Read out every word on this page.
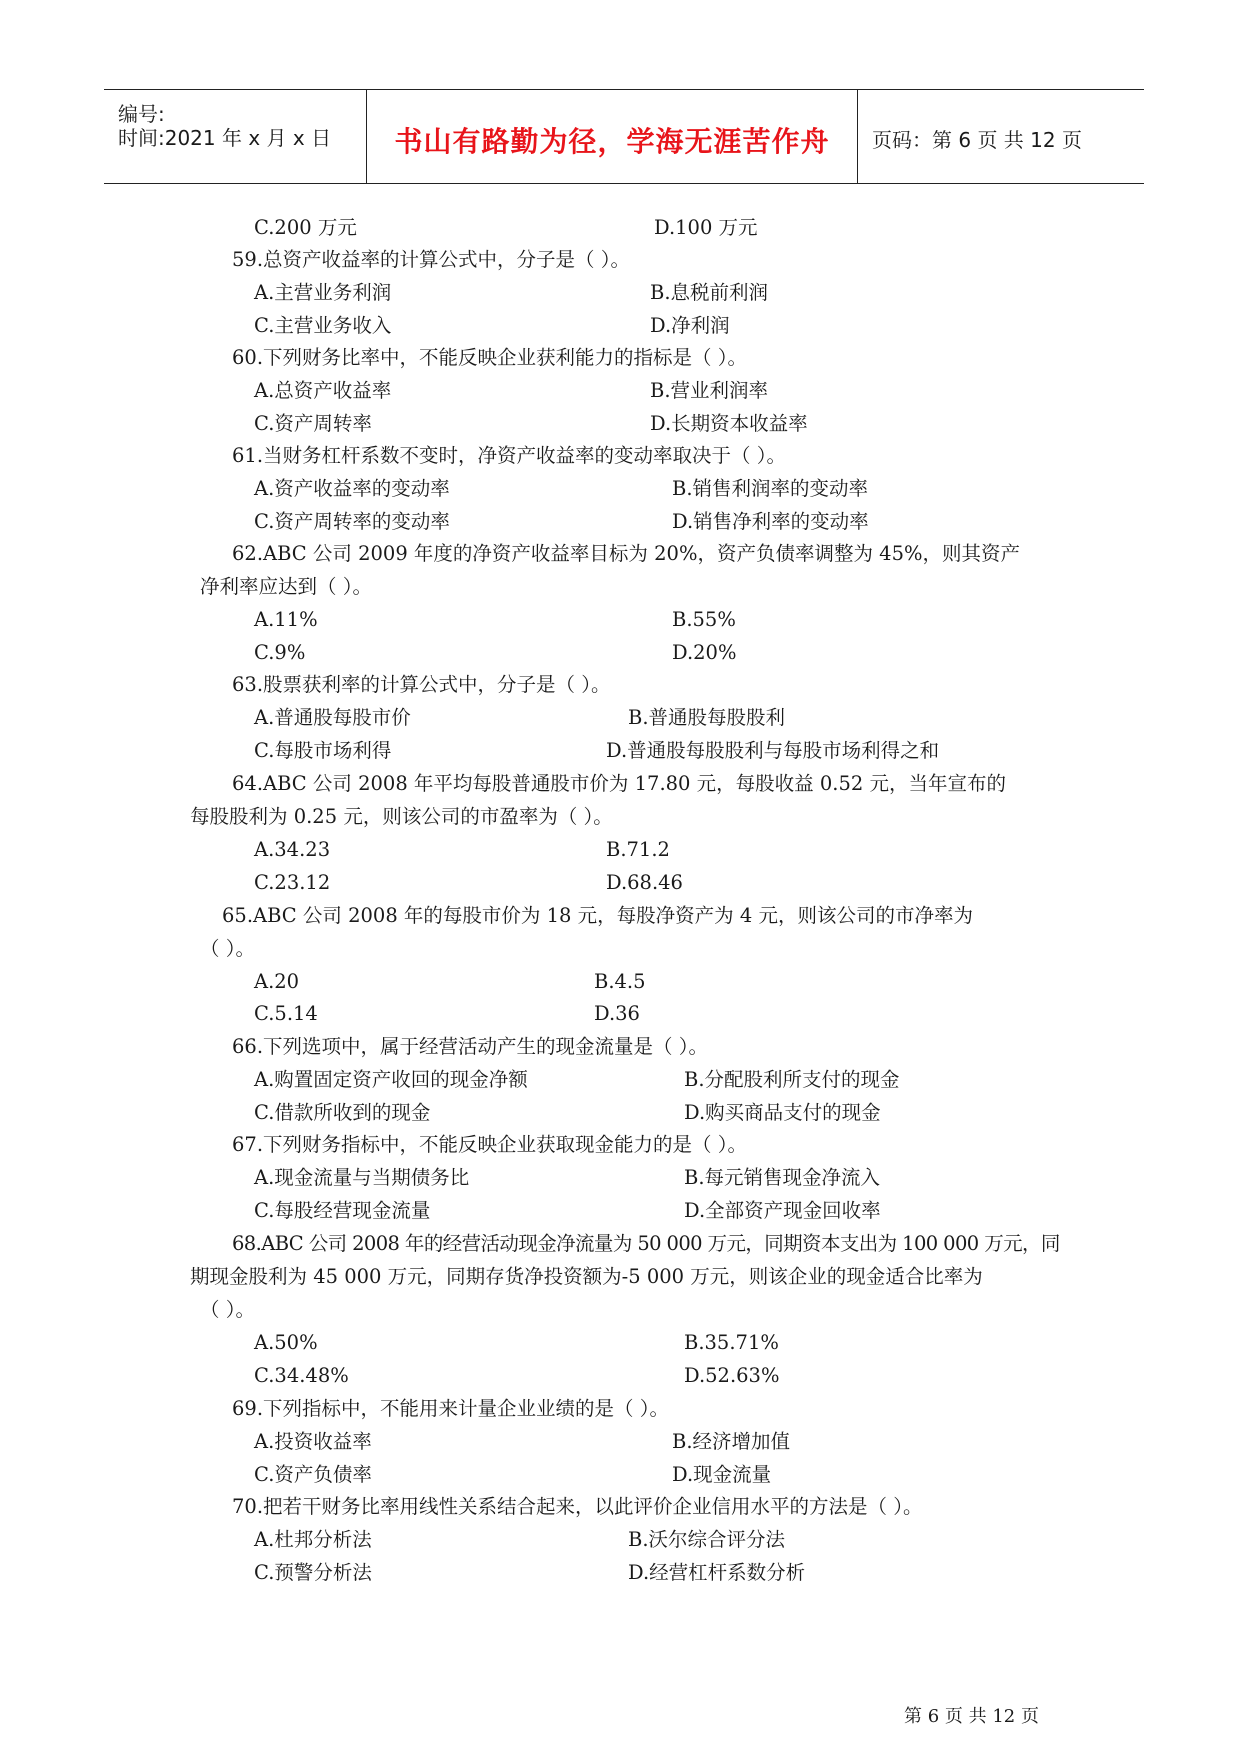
编号:
时间:2021 年 x 月 x 日	书山有路勤为径，学海无涯苦作舟	页码：第 6 页 共 12 页
C.200 万元	D.100 万元
59.总资产收益率的计算公式中，分子是（ ）。
A.主营业务利润	B.息税前利润
C.主营业务收入	D.净利润
60.下列财务比率中，不能反映企业获利能力的指标是（ ）。
A.总资产收益率	B.营业利润率
C.资产周转率	D.长期资本收益率
61.当财务杠杆系数不变时，净资产收益率的变动率取决于（ ）。
A.资产收益率的变动率	B.销售利润率的变动率
C.资产周转率的变动率	D.销售净利率的变动率
62.ABC 公司 2009 年度的净资产收益率目标为 20%，资产负债率调整为 45%，则其资产
净利率应达到（ ）。
A.11%	B.55%
C.9%	D.20%
63.股票获利率的计算公式中，分子是（ ）。
A.普通股每股市价	B.普通股每股股利
C.每股市场利得	D.普通股每股股利与每股市场利得之和
64.ABC 公司 2008 年平均每股普通股市价为 17.80 元，每股收益 0.52 元，当年宣布的
每股股利为 0.25 元，则该公司的市盈率为（ ）。
A.34.23	B.71.2
C.23.12	D.68.46
65.ABC 公司 2008 年的每股市价为 18 元，每股净资产为 4 元，则该公司的市净率为
（ ）。
A.20	B.4.5
C.5.14	D.36
66.下列选项中，属于经营活动产生的现金流量是（ ）。
A.购置固定资产收回的现金净额	B.分配股利所支付的现金
C.借款所收到的现金	D.购买商品支付的现金
67.下列财务指标中，不能反映企业获取现金能力的是（ ）。
A.现金流量与当期债务比	B.每元销售现金净流入
C.每股经营现金流量	D.全部资产现金回收率
68.ABC 公司 2008 年的经营活动现金净流量为 50 000 万元，同期资本支出为 100 000 万元，同
期现金股利为 45 000 万元，同期存货净投资额为-5 000 万元，则该企业的现金适合比率为
（ ）。
A.50%	B.35.71%
C.34.48%	D.52.63%
69.下列指标中，不能用来计量企业业绩的是（ ）。
A.投资收益率	B.经济增加值
C.资产负债率	D.现金流量
70.把若干财务比率用线性关系结合起来，以此评价企业信用水平的方法是（ ）。
A.杜邦分析法	B.沃尔综合评分法
C.预警分析法	D.经营杠杆系数分析
第 6 页 共 12 页
